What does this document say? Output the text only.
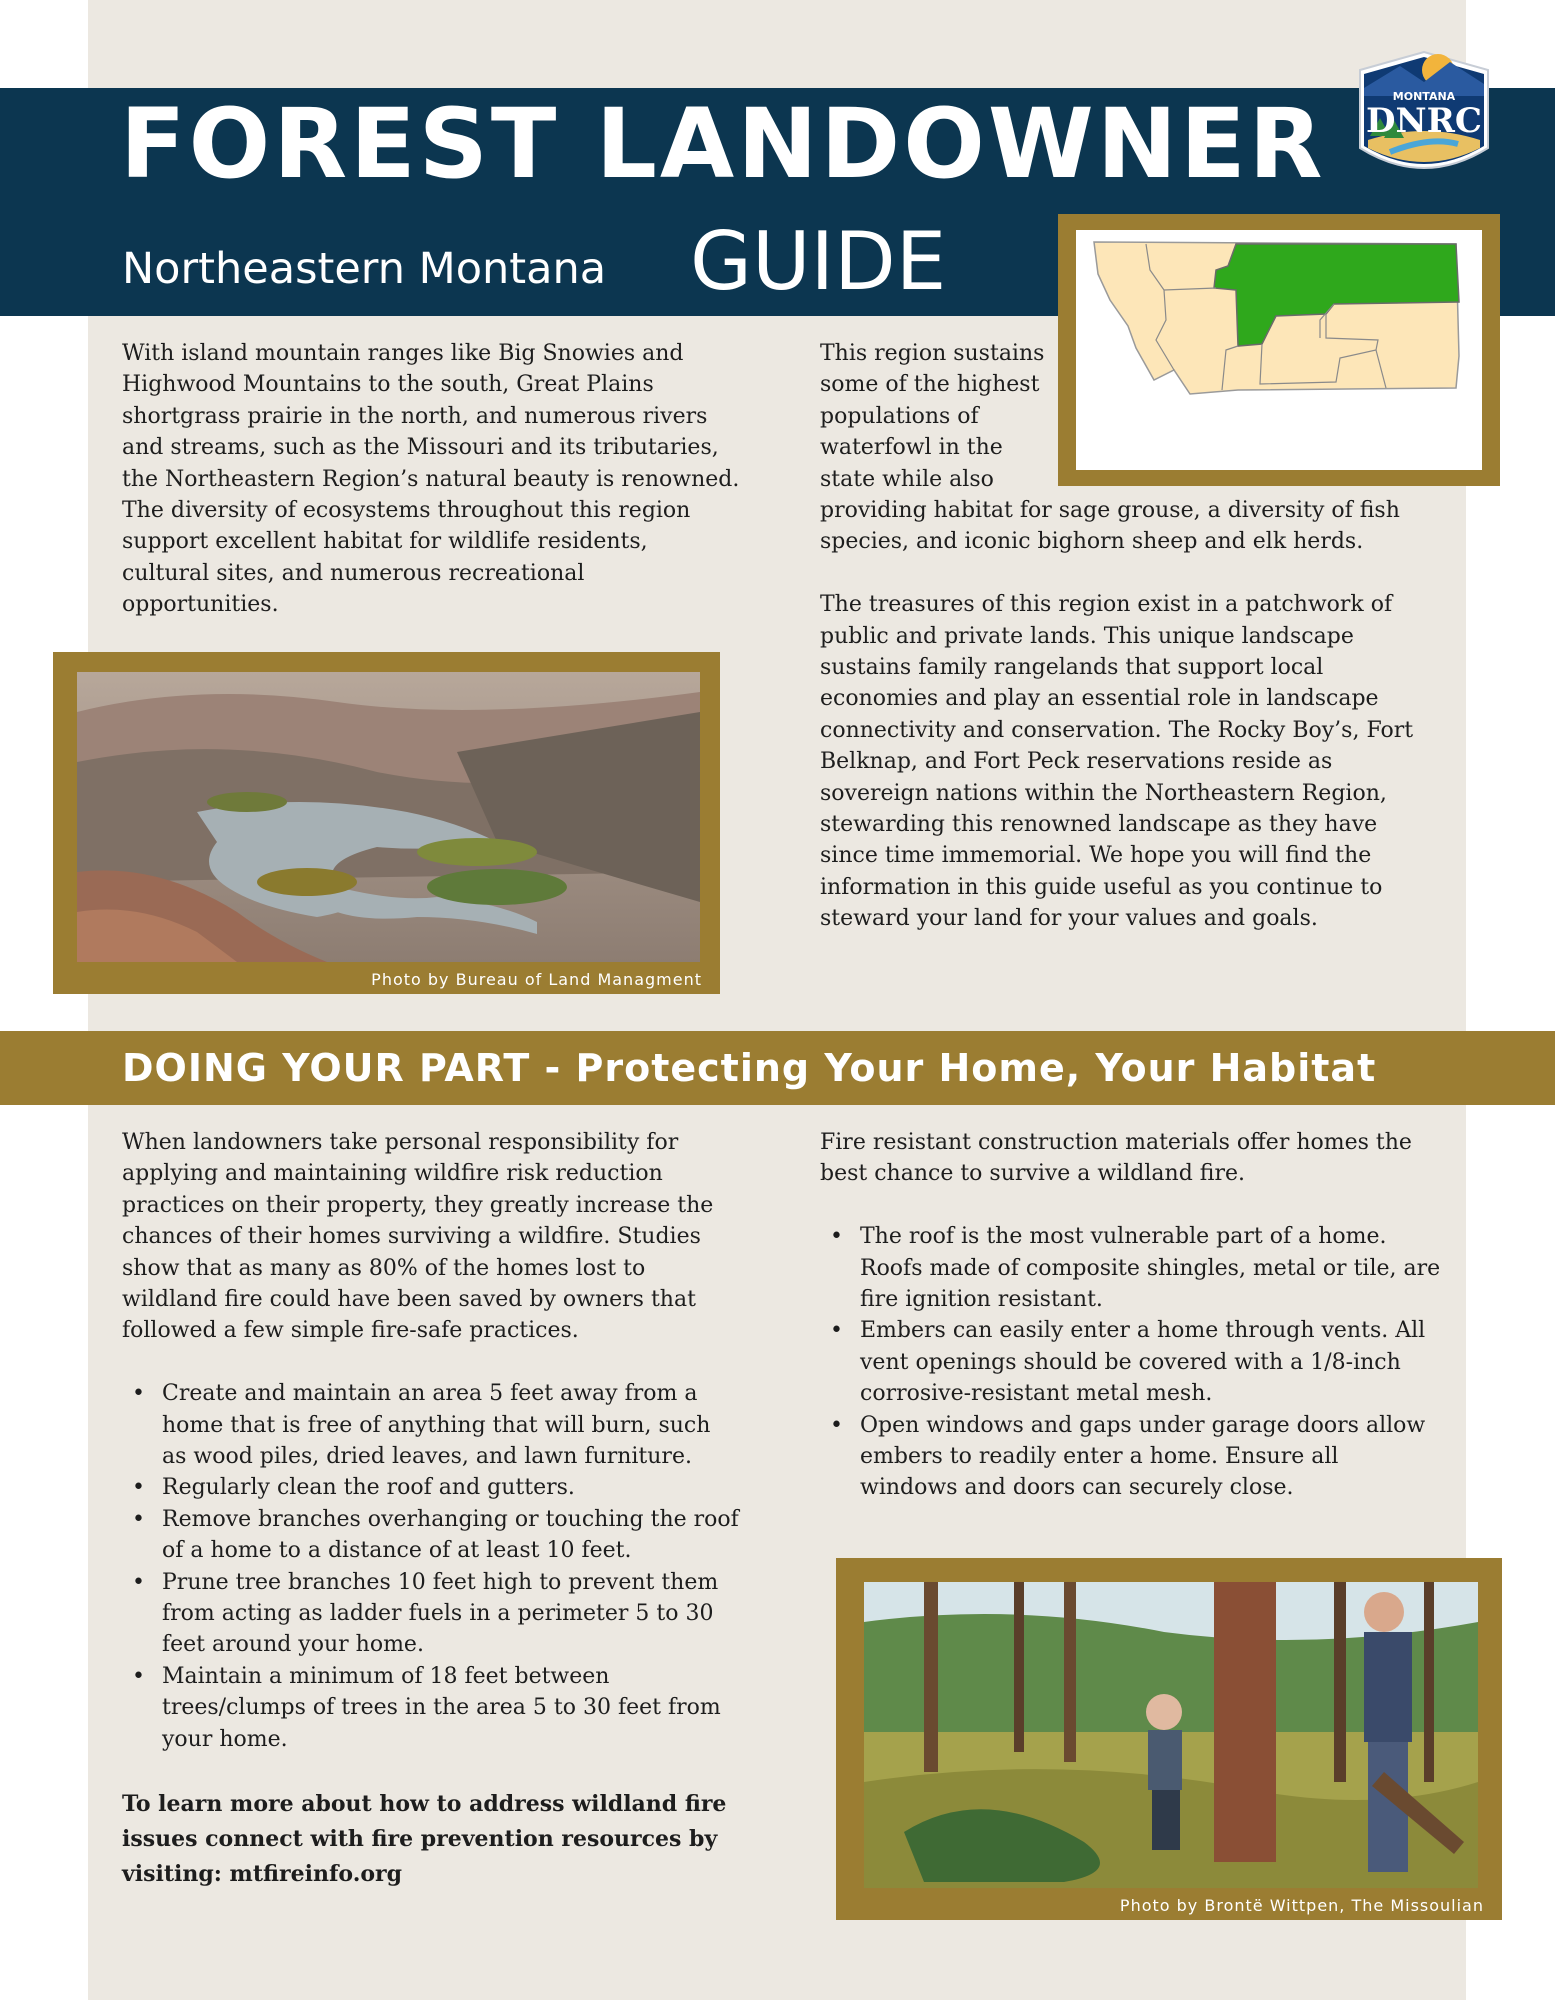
FOREST LANDOWNER
Northeastern Montana GUIDE
MONTANA
DNRC

With island mountain ranges like Big Snowies and

Highwood Mountains to the south, Great Plains

shortgrass prairie in the north, and numerous rivers

and streams, such as the Missouri and its tributaries,

the Northeastern Region’s natural beauty is renowned.

The diversity of ecosystems throughout this region

support excellent habitat for wildlife residents,

cultural sites, and numerous recreational

opportunities.

This region sustains

some of the highest

populations of

waterfowl in the

state while also

providing habitat for sage grouse, a diversity of fish

species, and iconic bighorn sheep and elk herds.

The treasures of this region exist in a patchwork of

public and private lands. This unique landscape

sustains family rangelands that support local

economies and play an essential role in landscape

connectivity and conservation. The Rocky Boy’s, Fort

Belknap, and Fort Peck reservations reside as

sovereign nations within the Northeastern Region,

stewarding this renowned landscape as they have

since time immemorial. We hope you will find the

information in this guide useful as you continue to

steward your land for your values and goals.

Photo by Bureau of Land Managment
DOING YOUR PART - Protecting Your Home, Your Habitat

When landowners take personal responsibility for

applying and maintaining wildfire risk reduction

practices on their property, they greatly increase the

chances of their homes surviving a wildfire. Studies

show that as many as 80% of the homes lost to

wildland fire could have been saved by owners that

followed a few simple fire-safe practices.

• Create and maintain an area 5 feet away from a

home that is free of anything that will burn, such

as wood piles, dried leaves, and lawn furniture.

• Regularly clean the roof and gutters.

• Remove branches overhanging or touching the roof

of a home to a distance of at least 10 feet.

• Prune tree branches 10 feet high to prevent them

from acting as ladder fuels in a perimeter 5 to 30

feet around your home.

• Maintain a minimum of 18 feet between

trees/clumps of trees in the area 5 to 30 feet from

your home.

To learn more about how to address wildland fire

issues connect with fire prevention resources by

visiting: mtfireinfo.org

Fire resistant construction materials offer homes the

best chance to survive a wildland fire.

• The roof is the most vulnerable part of a home.

Roofs made of composite shingles, metal or tile, are

fire ignition resistant.

• Embers can easily enter a home through vents. All

vent openings should be covered with a 1/8-inch

corrosive-resistant metal mesh.

• Open windows and gaps under garage doors allow

embers to readily enter a home. Ensure all

windows and doors can securely close.

Photo by Brontë Wittpen, The Missoulian
